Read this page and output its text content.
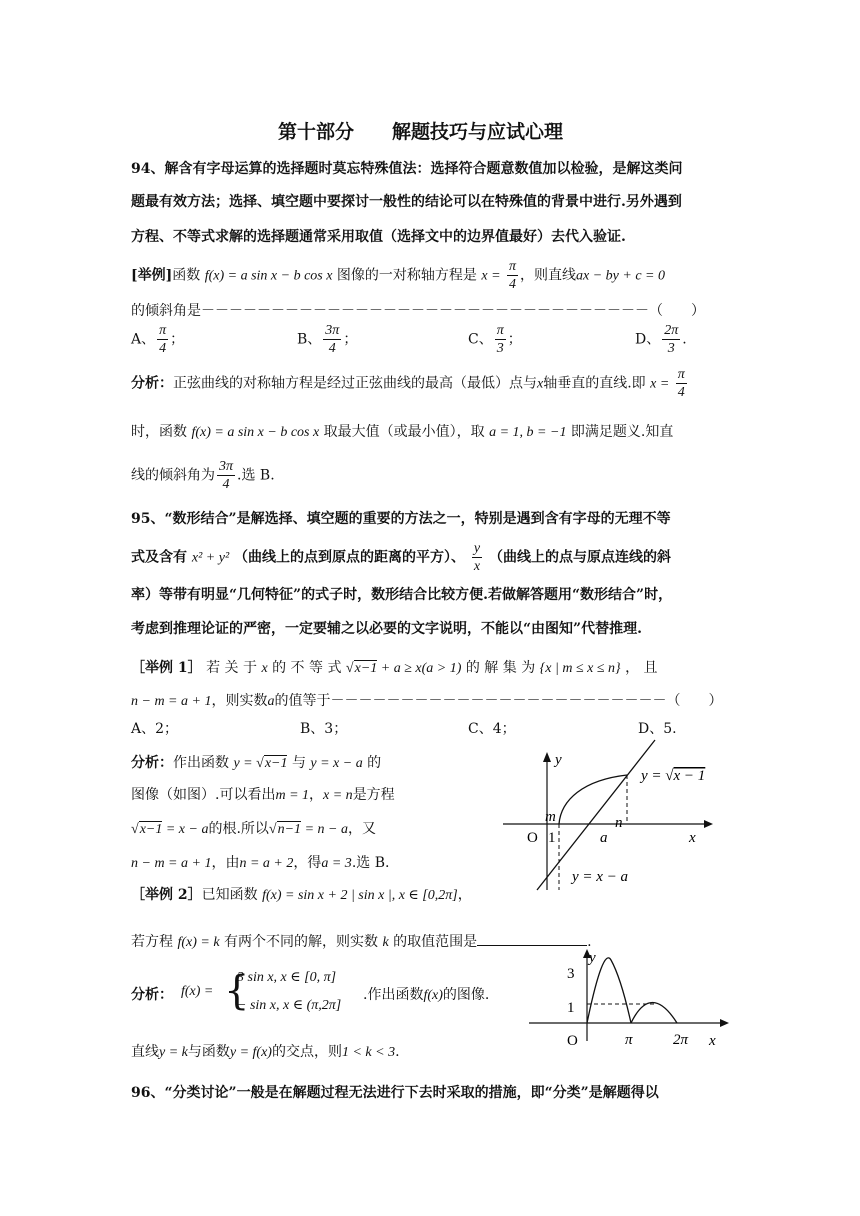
第十部分　　解题技巧与应试心理
94、解含有字母运算的选择题时莫忘特殊值法：选择符合题意数值加以检验，是解这类问
题最有效方法；选择、填空题中要探讨一般性的结论可以在特殊值的背景中进行.另外遇到
方程、不等式求解的选择题通常采用取值（选择文中的边界值最好）去代入验证.
[举例]函数 f(x) = a sin x − b cos x 图像的一对称轴方程是 $x = \frac{\pi}{4}$ ，则直线ax − by + c = 0
的倾斜角是－－－－－－－－－－－－－－－－－－－－－－－－－－－－－－－－（　　）
A、 $\frac{\pi}{4}$ ；	B、 $\frac{3\pi}{4}$ ；	C、 $\frac{\pi}{3}$ ；	D、 $\frac{2\pi}{3}$ .
分析：正弦曲线的对称轴方程是经过正弦曲线的最高（最低）点与x轴垂直的直线.即 $x = \frac{\pi}{4}$
时，函数 f(x) = a sin x − b cos x 取最大值（或最小值），取 a = 1, b = −1 即满足题义.知直
线的倾斜角为 $\frac{3\pi}{4}$ .选 B.
95、“数形结合”是解选择、填空题的重要的方法之一，特别是遇到含有字母的无理不等
式及含有 x² + y² （曲线上的点到原点的距离的平方）、 $\frac{y}{x}$ （曲线上的点与原点连线的斜
率）等带有明显“几何特征”的式子时，数形结合比较方便.若做解答题用“数形结合”时，
考虑到推理论证的严密，一定要辅之以必要的文字说明，不能以“由图知”代替推理.
［举例 1］ 若 关 于 x 的 不 等 式 √x−1 + a ≥ x(a > 1) 的 解 集 为 {x | m ≤ x ≤ n} ， 且
n − m = a + 1，则实数a的值等于－－－－－－－－－－－－－－－－－－－－－－－－（　　）
A、2；	B、3；	C、4；	D、5.
分析：作出函数 y = √x−1 与 y = x − a 的
图像（如图）.可以看出m = 1，x = n是方程
√x−1 = x − a的根.所以√n−1 = n − a，又
n − m = a + 1，由n = a + 2，得a = 3.选 B.
［举例 2］已知函数 f(x) = sin x + 2 | sin x |, x ∈ [0,2π]，
若方程 f(x) = k 有两个不同的解，则实数 k 的取值范围是	.
分析： f(x) = {
3 sin x, x ∈ [0, π]
− sin x, x ∈ (π,2π]
.作出函数f(x)的图像.
直线y = k与函数y = f(x)的交点，则1 < k < 3.
96、“分类讨论”一般是在解题过程无法进行下去时采取的措施，即“分类”是解题得以
y
x
O 1
m	n
a
y = √x − 1
y = x − a
y
3
1
O	π	2π x
